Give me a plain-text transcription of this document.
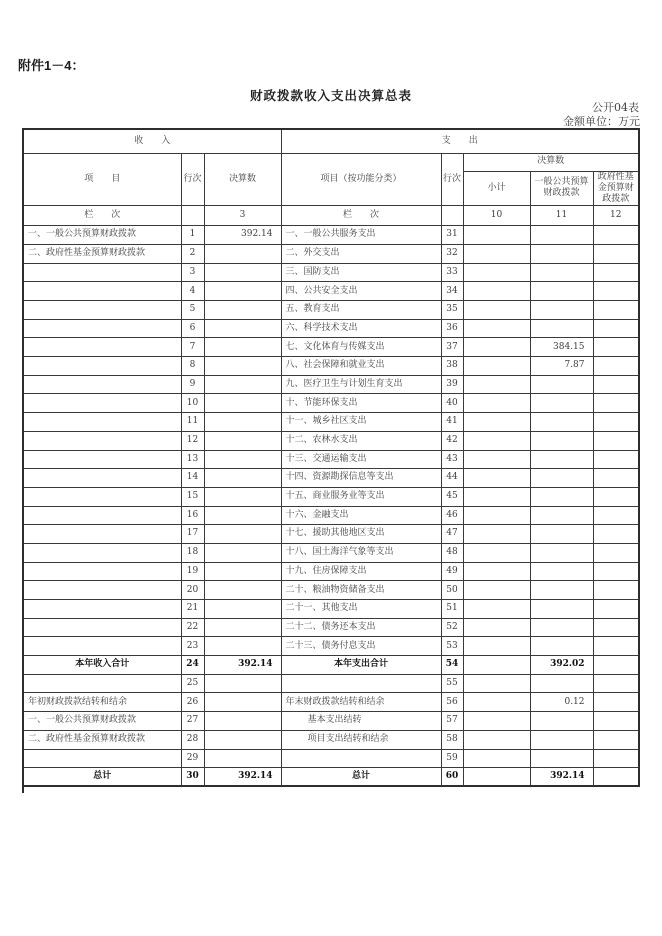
附件1－4：
财政拨款收入支出决算总表
公开04表
金额单位：万元
收　　入			支　　出				
项　　目	行次	决算数	项目（按功能分类）	行次	决算数		
					小计	一般公共预算财政拨款	政府性基金预算财政拨款
栏　　次		3	栏　　次		10	11	12
一、一般公共预算财政拨款	1	392.14	一、一般公共服务支出	31			
二、政府性基金预算财政拨款	2		二、外交支出	32			
	3		三、国防支出	33			
	4		四、公共安全支出	34			
	5		五、教育支出	35			
	6		六、科学技术支出	36			
	7		七、文化体育与传媒支出	37		384.15	
	8		八、社会保障和就业支出	38		7.87	
	9		九、医疗卫生与计划生育支出	39			
	10		十、节能环保支出	40			
	11		十一、城乡社区支出	41			
	12		十二、农林水支出	42			
	13		十三、交通运输支出	43			
	14		十四、资源勘探信息等支出	44			
	15		十五、商业服务业等支出	45			
	16		十六、金融支出	46			
	17		十七、援助其他地区支出	47			
	18		十八、国土海洋气象等支出	48			
	19		十九、住房保障支出	49			
	20		二十、粮油物资储备支出	50			
	21		二十一、其他支出	51			
	22		二十二、债务还本支出	52			
	23		二十三、债务付息支出	53			
本年收入合计	24	392.14	本年支出合计	54		392.02	
	25			55			
年初财政拨款结转和结余	26		年末财政拨款结转和结余	56		0.12	
一、一般公共预算财政拨款	27		基本支出结转	57			
二、政府性基金预算财政拨款	28		项目支出结转和结余	58			
	29			59			
总计	30	392.14	总计	60		392.14	
